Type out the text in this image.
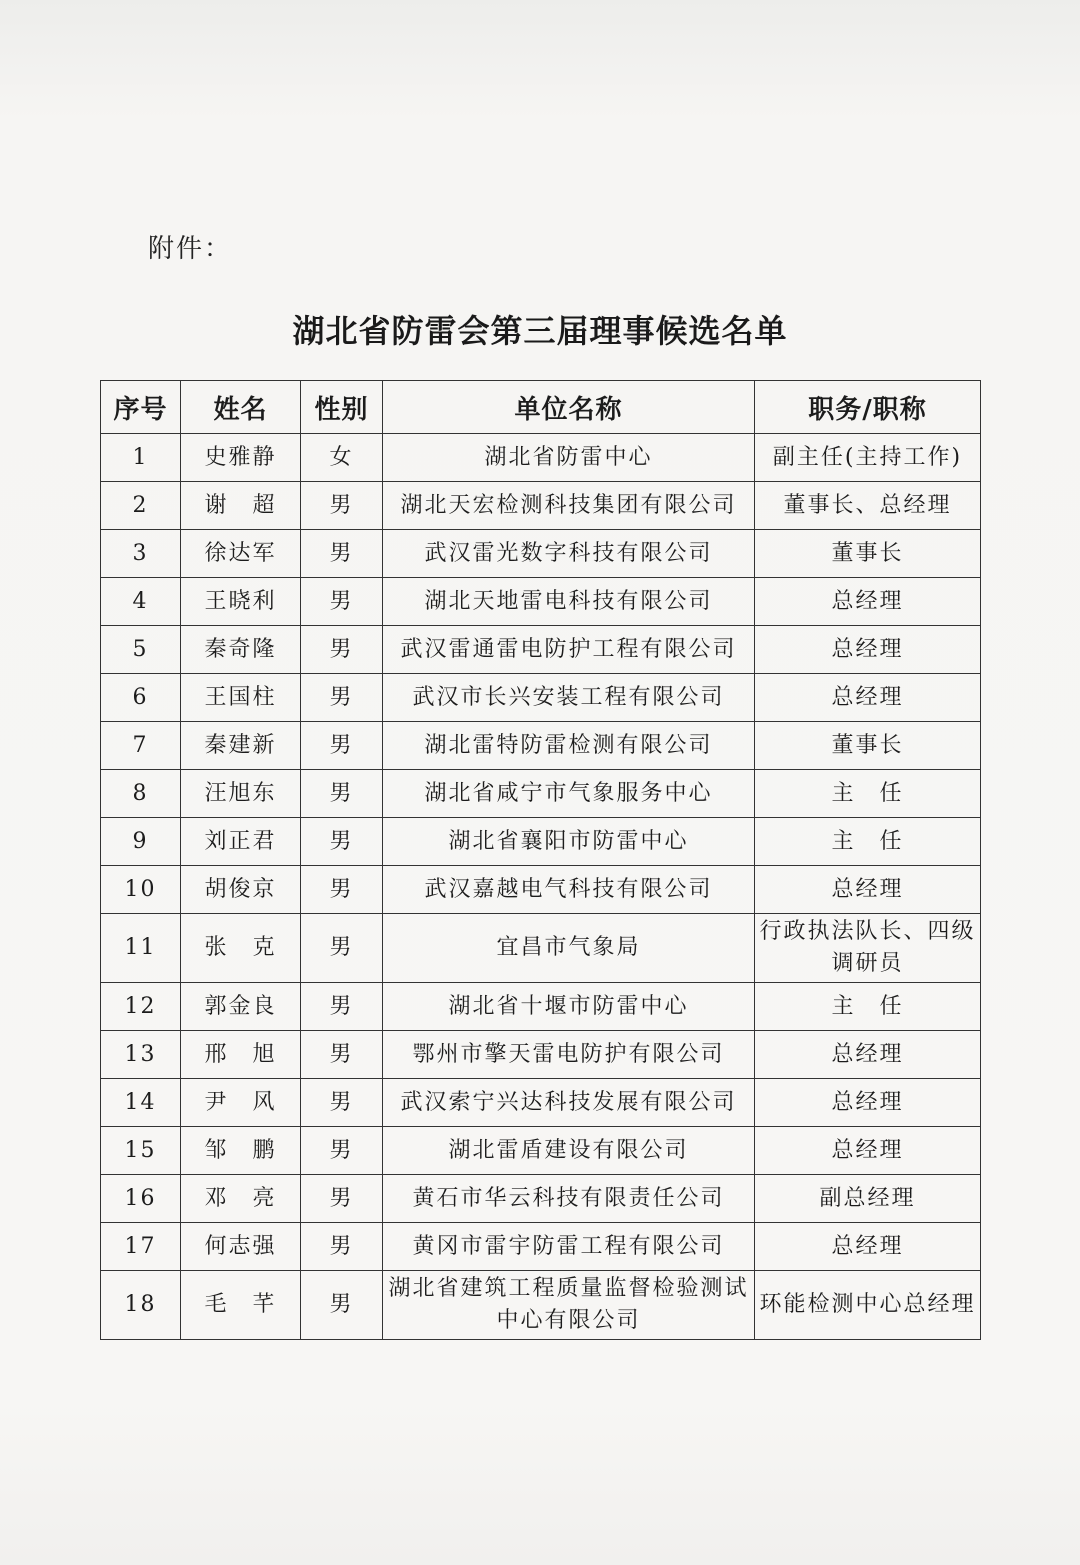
附件：
湖北省防雷会第三届理事候选名单
序号	姓名	性别	单位名称	职务/职称
1	史雅静	女	湖北省防雷中心	副主任(主持工作)
2	谢　超	男	湖北天宏检测科技集团有限公司	董事长、总经理
3	徐达军	男	武汉雷光数字科技有限公司	董事长
4	王晓利	男	湖北天地雷电科技有限公司	总经理
5	秦奇隆	男	武汉雷通雷电防护工程有限公司	总经理
6	王国柱	男	武汉市长兴安装工程有限公司	总经理
7	秦建新	男	湖北雷特防雷检测有限公司	董事长
8	汪旭东	男	湖北省咸宁市气象服务中心	主　任
9	刘正君	男	湖北省襄阳市防雷中心	主　任
10	胡俊京	男	武汉嘉越电气科技有限公司	总经理
11	张　克	男	宜昌市气象局	行政执法队长、四级调研员
12	郭金良	男	湖北省十堰市防雷中心	主　任
13	邢　旭	男	鄂州市擎天雷电防护有限公司	总经理
14	尹　风	男	武汉索宁兴达科技发展有限公司	总经理
15	邹　鹏	男	湖北雷盾建设有限公司	总经理
16	邓　亮	男	黄石市华云科技有限责任公司	副总经理
17	何志强	男	黄冈市雷宇防雷工程有限公司	总经理
18	毛　芊	男	湖北省建筑工程质量监督检验测试中心有限公司	环能检测中心总经理
